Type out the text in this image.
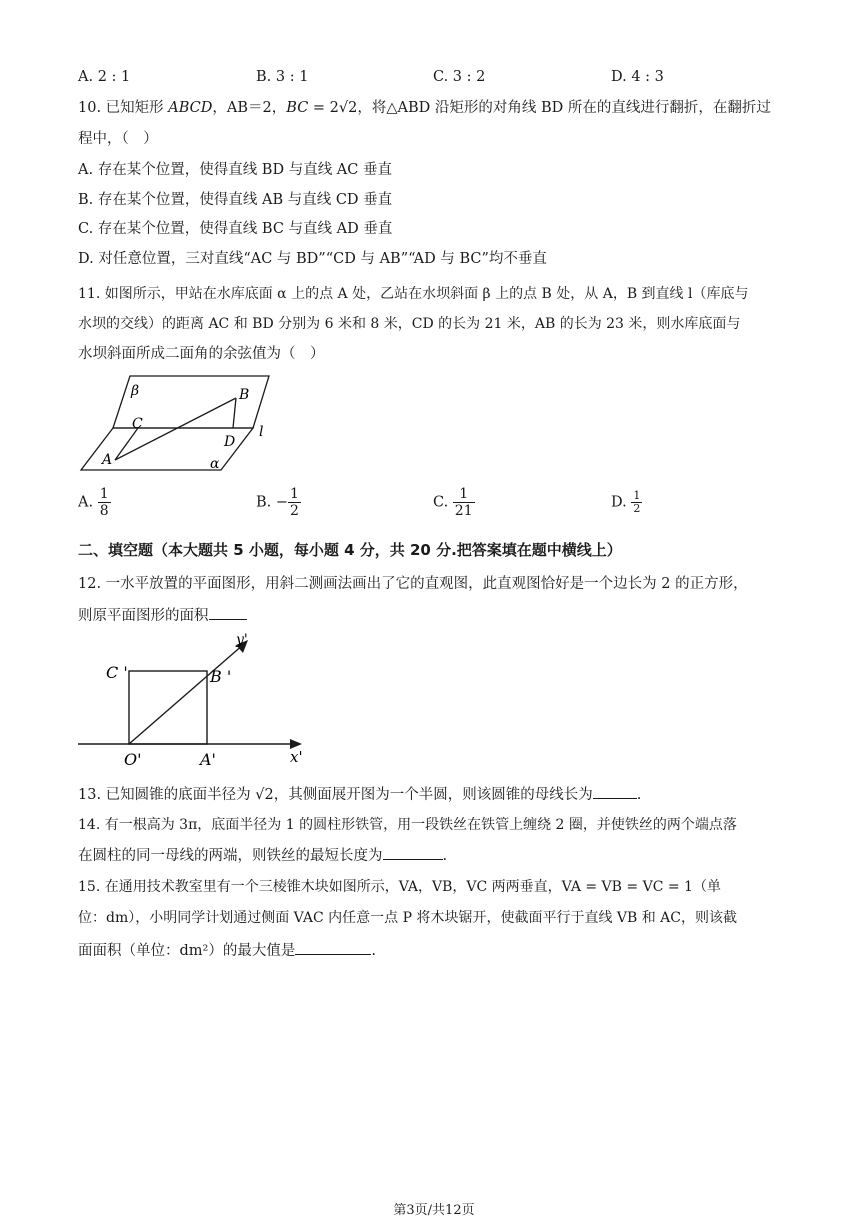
A. 2 : 1	B. 3 : 1	C. 3 : 2	D. 4 : 3
10. 已知矩形 ABCD，AB＝2，BC = 2√2，将△ABD 沿矩形的对角线 BD 所在的直线进行翻折，在翻折过
程中，（　）
A. 存在某个位置，使得直线 BD 与直线 AC 垂直
B. 存在某个位置，使得直线 AB 与直线 CD 垂直
C. 存在某个位置，使得直线 BC 与直线 AD 垂直
D. 对任意位置，三对直线“AC 与 BD”“CD 与 AB”“AD 与 BC”均不垂直
11. 如图所示，甲站在水库底面 α 上的点 A 处，乙站在水坝斜面 β 上的点 B 处，从 A，B 到直线 l（库底与
水坝的交线）的距离 AC 和 BD 分别为 6 米和 8 米，CD 的长为 21 米，AB 的长为 23 米，则水库底面与
水坝斜面所成二面角的余弦值为（　）
β	B
C
D
l
A	α
A. $\frac{1}{8}$	B. − $\frac{1}{2}$	C. $\frac{1}{21}$	D. $\frac{1}{2}$
二、填空题（本大题共 5 小题，每小题 4 分，共 20 分.把答案填在题中横线上）
12. 一水平放置的平面图形，用斜二测画法画出了它的直观图，此直观图恰好是一个边长为 2 的正方形，
则原平面图形的面积
C '	B '
O'	A'	x'
y'
13. 已知圆锥的底面半径为 √2，其侧面展开图为一个半圆，则该圆锥的母线长为	.
14. 有一根高为 3π，底面半径为 1 的圆柱形铁管，用一段铁丝在铁管上缠绕 2 圈，并使铁丝的两个端点落
在圆柱的同一母线的两端，则铁丝的最短长度为	.
15. 在通用技术教室里有一个三棱锥木块如图所示，VA，VB，VC 两两垂直，VA = VB = VC = 1（单
位：dm），小明同学计划通过侧面 VAC 内任意一点 P 将木块锯开，使截面平行于直线 VB 和 AC，则该截
面面积（单位：dm²）的最大值是	.
第3页/共12页
